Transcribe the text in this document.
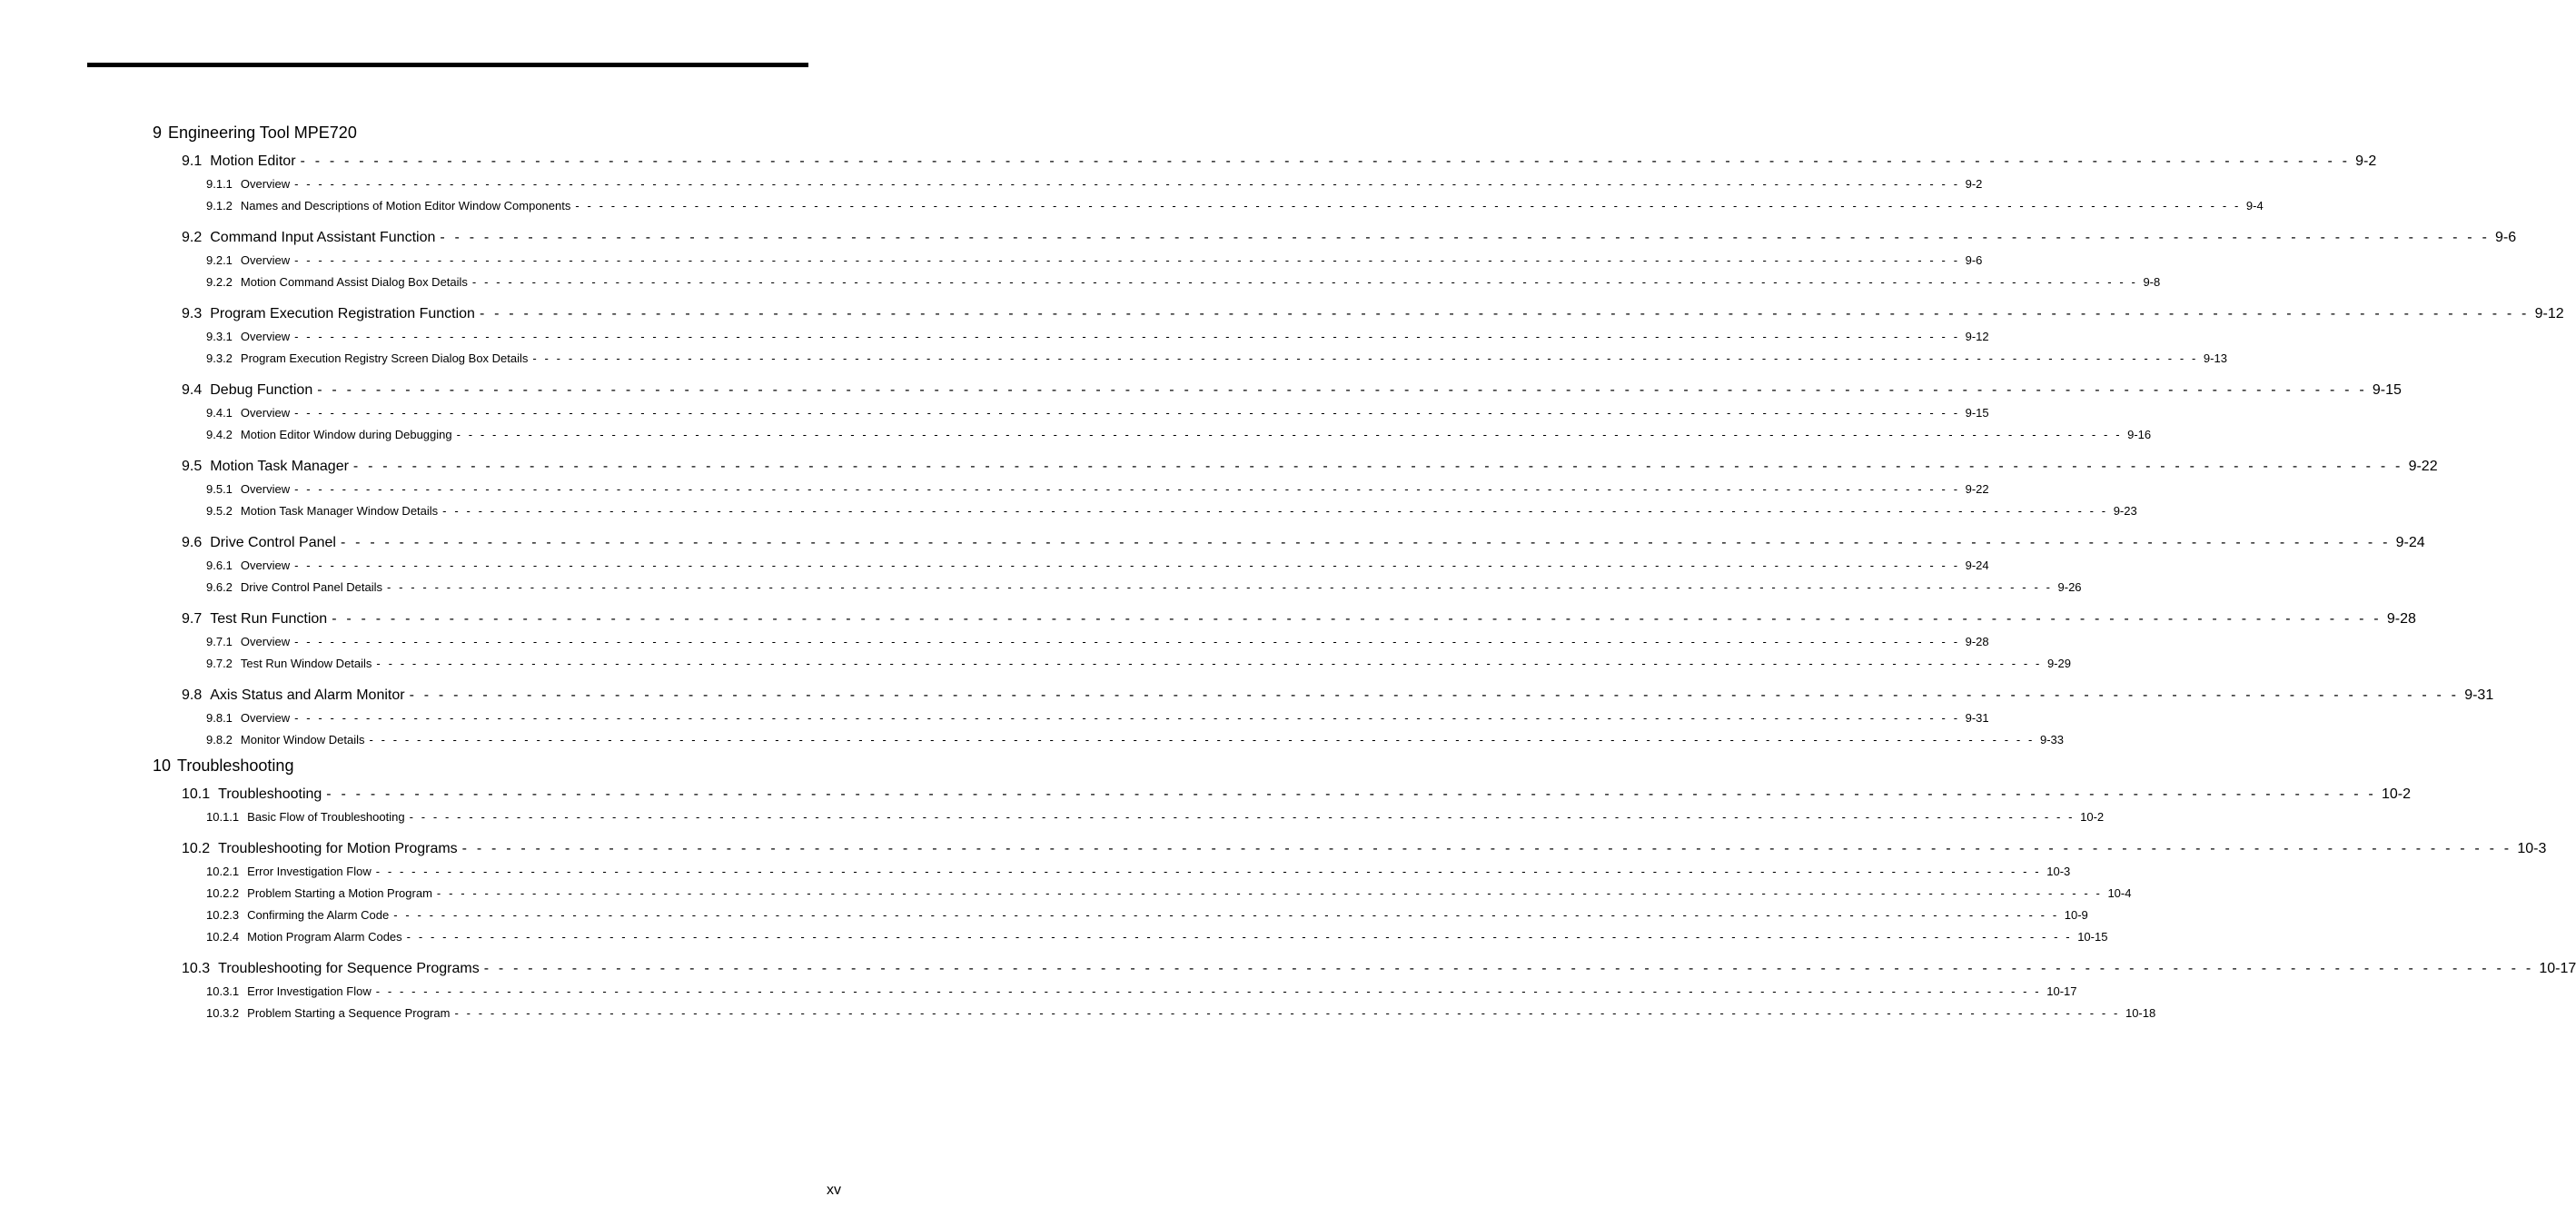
9 Engineering Tool MPE720
9.1 Motion Editor - - - - - - - - - - - - - - - - - - - - - - - - - - - - - - - - - - - - - - - - - - - - - - - - - - - - - - - - - - - - - - - - - - - - - - - - - - - - - - - - - - - - - - - - - - - - - - - - - - - - - - - - - - - - - - - - - - - - - - - - - - - - - - - - - - - - - - - - - - - - 9-2
9.1.1 Overview - - - - - - - - - - - - - - - - - - - - - - - - - - - - - - - - - - - - - - - - - - - - - - - - - - - - - - - - - - - - - - - - - - - - - - - - - - - - - - - - - - - - - - - - - - - - - - - - - - - - - - - - - - - - - - - - - - - - - - - - - - - - - - - - - - - - - - - - - - - - 9-2
9.1.2 Names and Descriptions of Motion Editor Window Components - - - - - - - - - - - - - - - - - - - - - - - - - - - - - - - - - - - - - - - - - - - - - - - - - - - - - - - - - - - - - - - - - - - - - - - - - - - - - - - - - - - - - - - - - - - - - - - - - - - - - - - - - - - - - - - - - - - - - - - - - - - - - - - - - - - - - - - - - - - - 9-4
9.2 Command Input Assistant Function - - - - - - - - - - - - - - - - - - - - - - - - - - - - - - - - - - - - - - - - - - - - - - - - - - - - - - - - - - - - - - - - - - - - - - - - - - - - - - - - - - - - - - - - - - - - - - - - - - - - - - - - - - - - - - - - - - - - - - - - - - - - - - - - - - - - - - - - - - - - 9-6
9.2.1 Overview - - - - - - - - - - - - - - - - - - - - - - - - - - - - - - - - - - - - - - - - - - - - - - - - - - - - - - - - - - - - - - - - - - - - - - - - - - - - - - - - - - - - - - - - - - - - - - - - - - - - - - - - - - - - - - - - - - - - - - - - - - - - - - - - - - - - - - - - - - - - 9-6
9.2.2 Motion Command Assist Dialog Box Details - - - - - - - - - - - - - - - - - - - - - - - - - - - - - - - - - - - - - - - - - - - - - - - - - - - - - - - - - - - - - - - - - - - - - - - - - - - - - - - - - - - - - - - - - - - - - - - - - - - - - - - - - - - - - - - - - - - - - - - - - - - - - - - - - - - - - - - - - - - - 9-8
9.3 Program Execution Registration Function - - - - - - - - - - - - - - - - - - - - - - - - - - - - - - - - - - - - - - - - - - - - - - - - - - - - - - - - - - - - - - - - - - - - - - - - - - - - - - - - - - - - - - - - - - - - - - - - - - - - - - - - - - - - - - - - - - - - - - - - - - - - - - - - - - - - - - - - - - - - 9-12
9.3.1 Overview - - - - - - - - - - - - - - - - - - - - - - - - - - - - - - - - - - - - - - - - - - - - - - - - - - - - - - - - - - - - - - - - - - - - - - - - - - - - - - - - - - - - - - - - - - - - - - - - - - - - - - - - - - - - - - - - - - - - - - - - - - - - - - - - - - - - - - - - - - - - 9-12
9.3.2 Program Execution Registry Screen Dialog Box Details - - - - - - - - - - - - - - - - - - - - - - - - - - - - - - - - - - - - - - - - - - - - - - - - - - - - - - - - - - - - - - - - - - - - - - - - - - - - - - - - - - - - - - - - - - - - - - - - - - - - - - - - - - - - - - - - - - - - - - - - - - - - - - - - - - - - - - - - - - - - 9-13
9.4 Debug Function - - - - - - - - - - - - - - - - - - - - - - - - - - - - - - - - - - - - - - - - - - - - - - - - - - - - - - - - - - - - - - - - - - - - - - - - - - - - - - - - - - - - - - - - - - - - - - - - - - - - - - - - - - - - - - - - - - - - - - - - - - - - - - - - - - - - - - - - - - - - 9-15
9.4.1 Overview - - - - - - - - - - - - - - - - - - - - - - - - - - - - - - - - - - - - - - - - - - - - - - - - - - - - - - - - - - - - - - - - - - - - - - - - - - - - - - - - - - - - - - - - - - - - - - - - - - - - - - - - - - - - - - - - - - - - - - - - - - - - - - - - - - - - - - - - - - - - 9-15
9.4.2 Motion Editor Window during Debugging - - - - - - - - - - - - - - - - - - - - - - - - - - - - - - - - - - - - - - - - - - - - - - - - - - - - - - - - - - - - - - - - - - - - - - - - - - - - - - - - - - - - - - - - - - - - - - - - - - - - - - - - - - - - - - - - - - - - - - - - - - - - - - - - - - - - - - - - - - - - 9-16
9.5 Motion Task Manager - - - - - - - - - - - - - - - - - - - - - - - - - - - - - - - - - - - - - - - - - - - - - - - - - - - - - - - - - - - - - - - - - - - - - - - - - - - - - - - - - - - - - - - - - - - - - - - - - - - - - - - - - - - - - - - - - - - - - - - - - - - - - - - - - - - - - - - - - - - - 9-22
9.5.1 Overview - - - - - - - - - - - - - - - - - - - - - - - - - - - - - - - - - - - - - - - - - - - - - - - - - - - - - - - - - - - - - - - - - - - - - - - - - - - - - - - - - - - - - - - - - - - - - - - - - - - - - - - - - - - - - - - - - - - - - - - - - - - - - - - - - - - - - - - - - - - - 9-22
9.5.2 Motion Task Manager Window Details - - - - - - - - - - - - - - - - - - - - - - - - - - - - - - - - - - - - - - - - - - - - - - - - - - - - - - - - - - - - - - - - - - - - - - - - - - - - - - - - - - - - - - - - - - - - - - - - - - - - - - - - - - - - - - - - - - - - - - - - - - - - - - - - - - - - - - - - - - - - 9-23
9.6 Drive Control Panel - - - - - - - - - - - - - - - - - - - - - - - - - - - - - - - - - - - - - - - - - - - - - - - - - - - - - - - - - - - - - - - - - - - - - - - - - - - - - - - - - - - - - - - - - - - - - - - - - - - - - - - - - - - - - - - - - - - - - - - - - - - - - - - - - - - - - - - - - - - - 9-24
9.6.1 Overview - - - - - - - - - - - - - - - - - - - - - - - - - - - - - - - - - - - - - - - - - - - - - - - - - - - - - - - - - - - - - - - - - - - - - - - - - - - - - - - - - - - - - - - - - - - - - - - - - - - - - - - - - - - - - - - - - - - - - - - - - - - - - - - - - - - - - - - - - - - - 9-24
9.6.2 Drive Control Panel Details - - - - - - - - - - - - - - - - - - - - - - - - - - - - - - - - - - - - - - - - - - - - - - - - - - - - - - - - - - - - - - - - - - - - - - - - - - - - - - - - - - - - - - - - - - - - - - - - - - - - - - - - - - - - - - - - - - - - - - - - - - - - - - - - - - - - - - - - - - - - 9-26
9.7 Test Run Function - - - - - - - - - - - - - - - - - - - - - - - - - - - - - - - - - - - - - - - - - - - - - - - - - - - - - - - - - - - - - - - - - - - - - - - - - - - - - - - - - - - - - - - - - - - - - - - - - - - - - - - - - - - - - - - - - - - - - - - - - - - - - - - - - - - - - - - - - - - - 9-28
9.7.1 Overview - - - - - - - - - - - - - - - - - - - - - - - - - - - - - - - - - - - - - - - - - - - - - - - - - - - - - - - - - - - - - - - - - - - - - - - - - - - - - - - - - - - - - - - - - - - - - - - - - - - - - - - - - - - - - - - - - - - - - - - - - - - - - - - - - - - - - - - - - - - - 9-28
9.7.2 Test Run Window Details - - - - - - - - - - - - - - - - - - - - - - - - - - - - - - - - - - - - - - - - - - - - - - - - - - - - - - - - - - - - - - - - - - - - - - - - - - - - - - - - - - - - - - - - - - - - - - - - - - - - - - - - - - - - - - - - - - - - - - - - - - - - - - - - - - - - - - - - - - - - 9-29
9.8 Axis Status and Alarm Monitor - - - - - - - - - - - - - - - - - - - - - - - - - - - - - - - - - - - - - - - - - - - - - - - - - - - - - - - - - - - - - - - - - - - - - - - - - - - - - - - - - - - - - - - - - - - - - - - - - - - - - - - - - - - - - - - - - - - - - - - - - - - - - - - - - - - - - - - - - - - - 9-31
9.8.1 Overview - - - - - - - - - - - - - - - - - - - - - - - - - - - - - - - - - - - - - - - - - - - - - - - - - - - - - - - - - - - - - - - - - - - - - - - - - - - - - - - - - - - - - - - - - - - - - - - - - - - - - - - - - - - - - - - - - - - - - - - - - - - - - - - - - - - - - - - - - - - - 9-31
9.8.2 Monitor Window Details - - - - - - - - - - - - - - - - - - - - - - - - - - - - - - - - - - - - - - - - - - - - - - - - - - - - - - - - - - - - - - - - - - - - - - - - - - - - - - - - - - - - - - - - - - - - - - - - - - - - - - - - - - - - - - - - - - - - - - - - - - - - - - - - - - - - - - - - - - - - 9-33
10 Troubleshooting
10.1 Troubleshooting - - - - - - - - - - - - - - - - - - - - - - - - - - - - - - - - - - - - - - - - - - - - - - - - - - - - - - - - - - - - - - - - - - - - - - - - - - - - - - - - - - - - - - - - - - - - - - - - - - - - - - - - - - - - - - - - - - - - - - - - - - - - - - - - - - - - - - - - - - - - 10-2
10.1.1 Basic Flow of Troubleshooting - - - - - - - - - - - - - - - - - - - - - - - - - - - - - - - - - - - - - - - - - - - - - - - - - - - - - - - - - - - - - - - - - - - - - - - - - - - - - - - - - - - - - - - - - - - - - - - - - - - - - - - - - - - - - - - - - - - - - - - - - - - - - - - - - - - - - - - - - - - - 10-2
10.2 Troubleshooting for Motion Programs - - - - - - - - - - - - - - - - - - - - - - - - - - - - - - - - - - - - - - - - - - - - - - - - - - - - - - - - - - - - - - - - - - - - - - - - - - - - - - - - - - - - - - - - - - - - - - - - - - - - - - - - - - - - - - - - - - - - - - - - - - - - - - - - - - - - - - - - - - - - 10-3
10.2.1 Error Investigation Flow - - - - - - - - - - - - - - - - - - - - - - - - - - - - - - - - - - - - - - - - - - - - - - - - - - - - - - - - - - - - - - - - - - - - - - - - - - - - - - - - - - - - - - - - - - - - - - - - - - - - - - - - - - - - - - - - - - - - - - - - - - - - - - - - - - - - - - - - - - - - 10-3
10.2.2 Problem Starting a Motion Program - - - - - - - - - - - - - - - - - - - - - - - - - - - - - - - - - - - - - - - - - - - - - - - - - - - - - - - - - - - - - - - - - - - - - - - - - - - - - - - - - - - - - - - - - - - - - - - - - - - - - - - - - - - - - - - - - - - - - - - - - - - - - - - - - - - - - - - - - - - - 10-4
10.2.3 Confirming the Alarm Code - - - - - - - - - - - - - - - - - - - - - - - - - - - - - - - - - - - - - - - - - - - - - - - - - - - - - - - - - - - - - - - - - - - - - - - - - - - - - - - - - - - - - - - - - - - - - - - - - - - - - - - - - - - - - - - - - - - - - - - - - - - - - - - - - - - - - - - - - - - - 10-9
10.2.4 Motion Program Alarm Codes - - - - - - - - - - - - - - - - - - - - - - - - - - - - - - - - - - - - - - - - - - - - - - - - - - - - - - - - - - - - - - - - - - - - - - - - - - - - - - - - - - - - - - - - - - - - - - - - - - - - - - - - - - - - - - - - - - - - - - - - - - - - - - - - - - - - - - - - - - - - 10-15
10.3 Troubleshooting for Sequence Programs - - - - - - - - - - - - - - - - - - - - - - - - - - - - - - - - - - - - - - - - - - - - - - - - - - - - - - - - - - - - - - - - - - - - - - - - - - - - - - - - - - - - - - - - - - - - - - - - - - - - - - - - - - - - - - - - - - - - - - - - - - - - - - - - - - - - - - - - - - - - 10-17
10.3.1 Error Investigation Flow - - - - - - - - - - - - - - - - - - - - - - - - - - - - - - - - - - - - - - - - - - - - - - - - - - - - - - - - - - - - - - - - - - - - - - - - - - - - - - - - - - - - - - - - - - - - - - - - - - - - - - - - - - - - - - - - - - - - - - - - - - - - - - - - - - - - - - - - - - - - 10-17
10.3.2 Problem Starting a Sequence Program - - - - - - - - - - - - - - - - - - - - - - - - - - - - - - - - - - - - - - - - - - - - - - - - - - - - - - - - - - - - - - - - - - - - - - - - - - - - - - - - - - - - - - - - - - - - - - - - - - - - - - - - - - - - - - - - - - - - - - - - - - - - - - - - - - - - - - - - - - - - 10-18
xv
